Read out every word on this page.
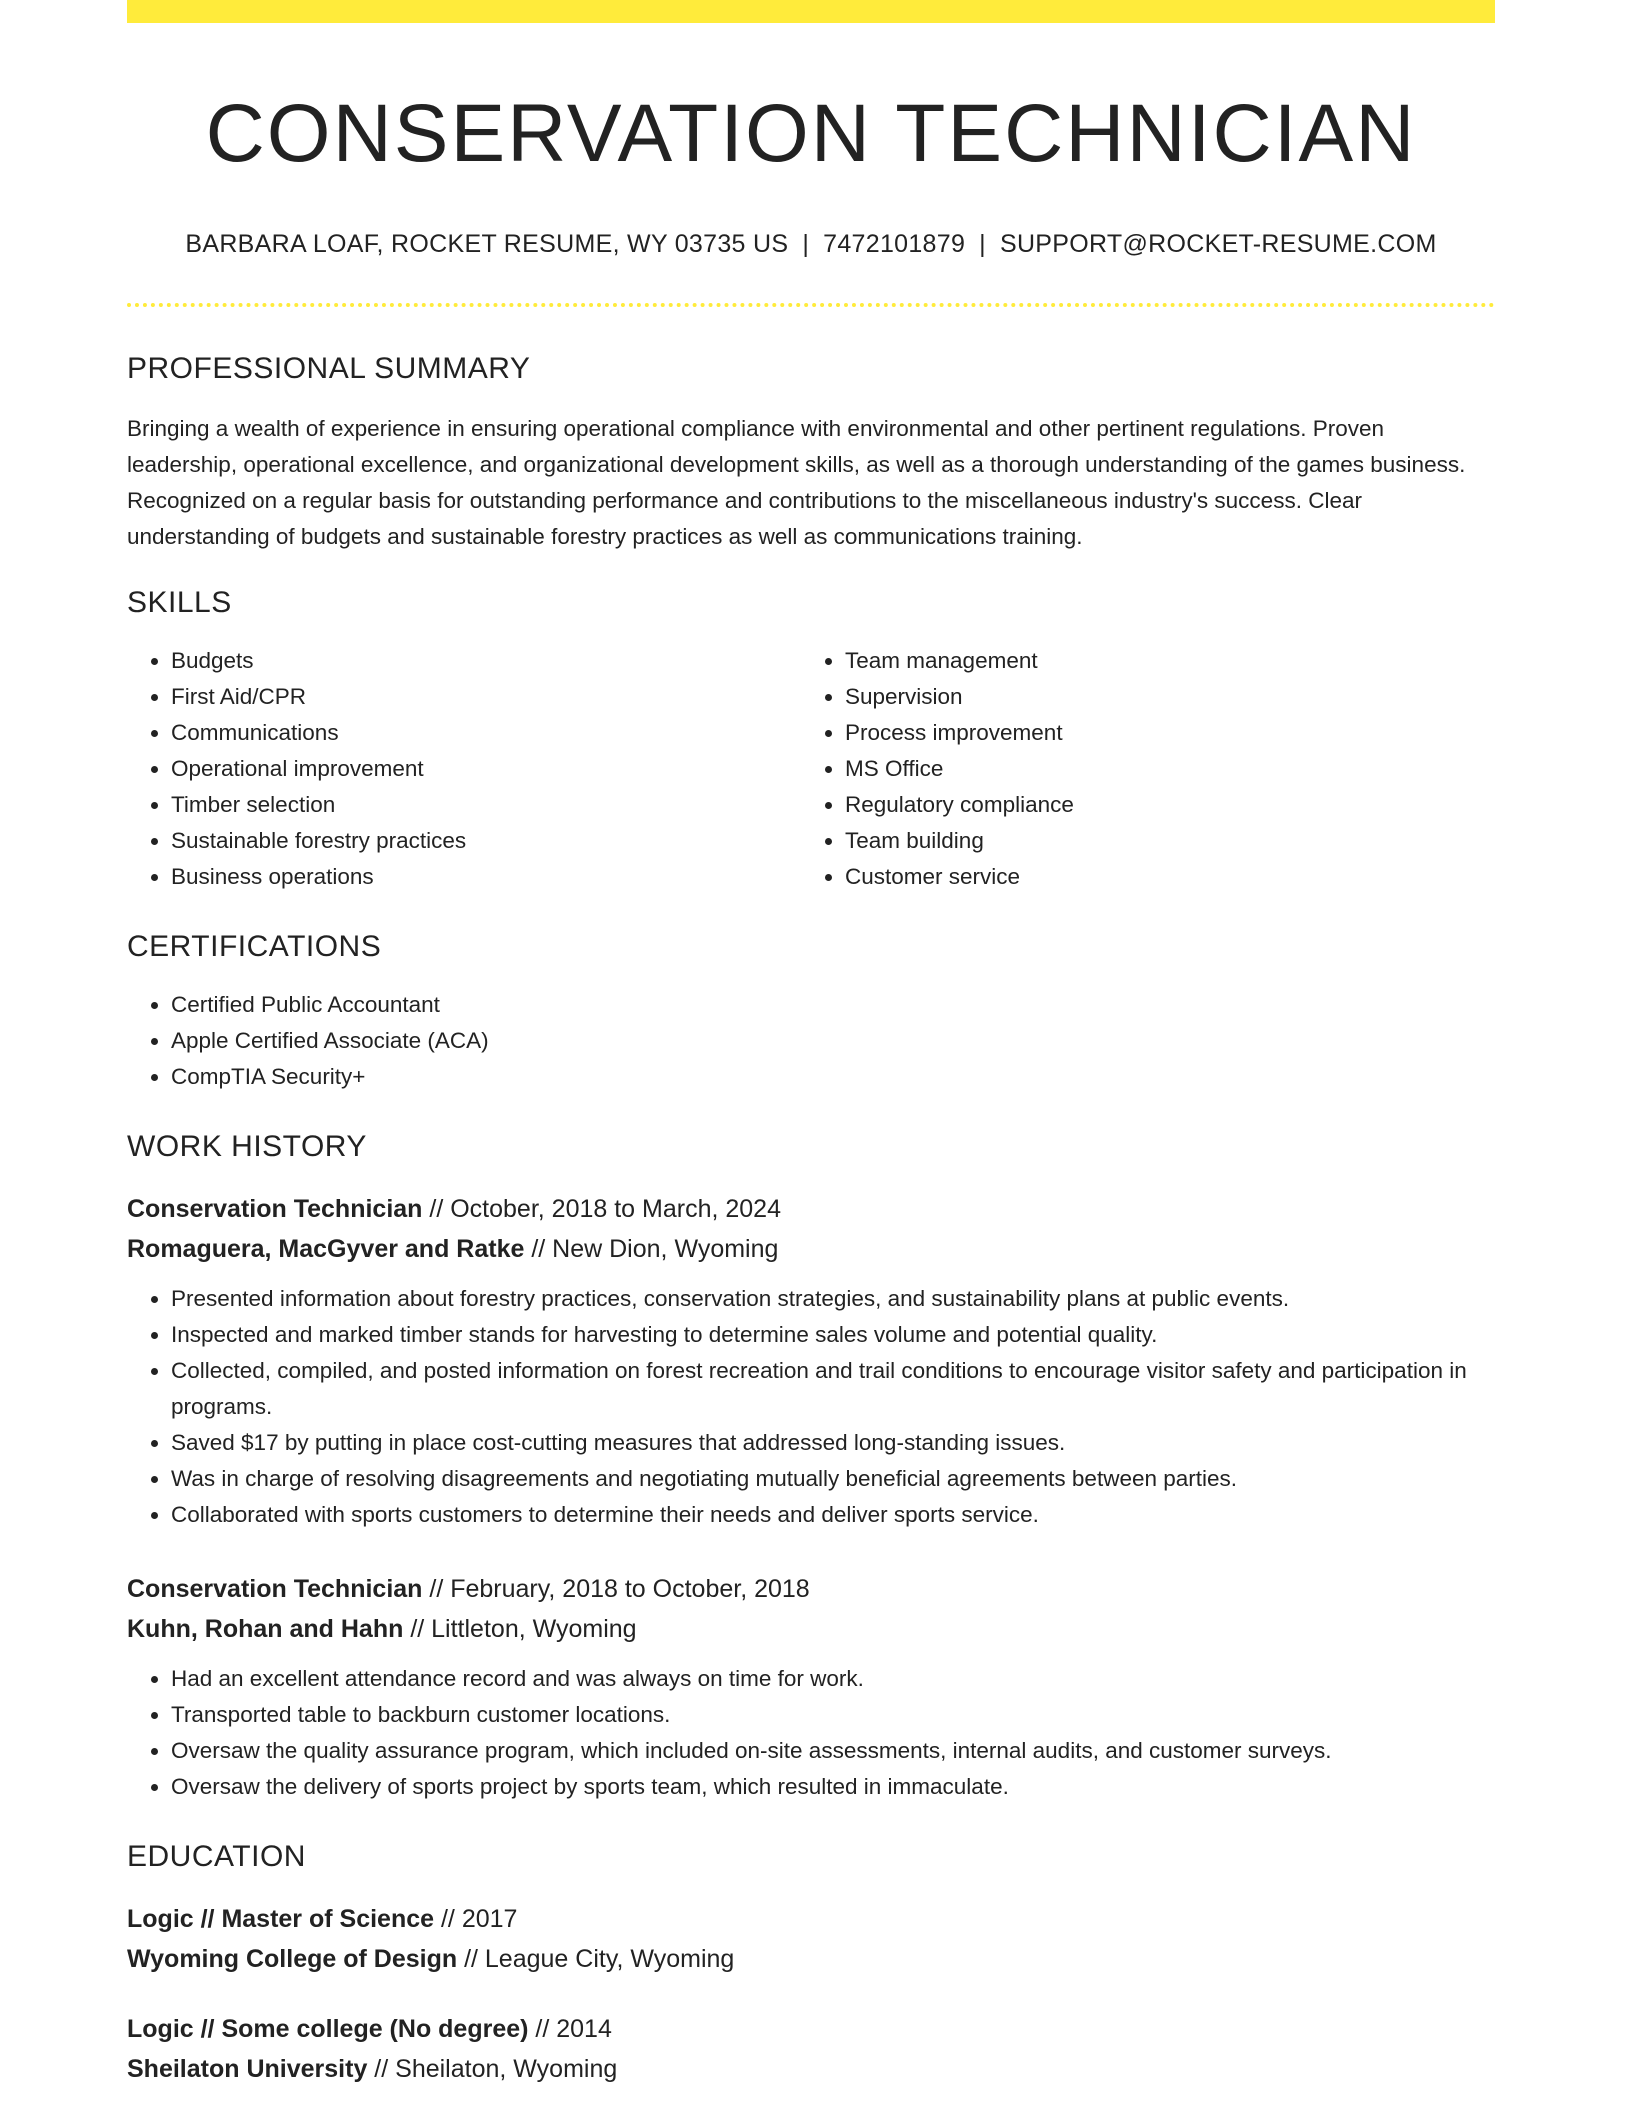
CONSERVATION TECHNICIAN
BARBARA LOAF, ROCKET RESUME, WY 03735 US | 7472101879 | SUPPORT@ROCKET-RESUME.COM
PROFESSIONAL SUMMARY

Bringing a wealth of experience in ensuring operational compliance with environmental and other pertinent regulations. Proven leadership, operational excellence, and organizational development skills, as well as a thorough understanding of the games business. Recognized on a regular basis for outstanding performance and contributions to the miscellaneous industry's success. Clear understanding of budgets and sustainable forestry practices as well as communications training.

SKILLS
• Budgets
• First Aid/CPR
• Communications
• Operational improvement
• Timber selection
• Sustainable forestry practices
• Business operations
• Team management
• Supervision
• Process improvement
• MS Office
• Regulatory compliance
• Team building
• Customer service
CERTIFICATIONS
• Certified Public Accountant
• Apple Certified Associate (ACA)
• CompTIA Security+
WORK HISTORY
Conservation Technician // October, 2018 to March, 2024
Romaguera, MacGyver and Ratke // New Dion, Wyoming
• Presented information about forestry practices, conservation strategies, and sustainability plans at public events.
• Inspected and marked timber stands for harvesting to determine sales volume and potential quality.
• Collected, compiled, and posted information on forest recreation and trail conditions to encourage visitor safety and participation in programs.
• Saved $17 by putting in place cost-cutting measures that addressed long-standing issues.
• Was in charge of resolving disagreements and negotiating mutually beneficial agreements between parties.
• Collaborated with sports customers to determine their needs and deliver sports service.
Conservation Technician // February, 2018 to October, 2018
Kuhn, Rohan and Hahn // Littleton, Wyoming
• Had an excellent attendance record and was always on time for work.
• Transported table to backburn customer locations.
• Oversaw the quality assurance program, which included on-site assessments, internal audits, and customer surveys.
• Oversaw the delivery of sports project by sports team, which resulted in immaculate.
EDUCATION
Logic // Master of Science // 2017
Wyoming College of Design // League City, Wyoming
Logic // Some college (No degree) // 2014
Sheilaton University // Sheilaton, Wyoming
